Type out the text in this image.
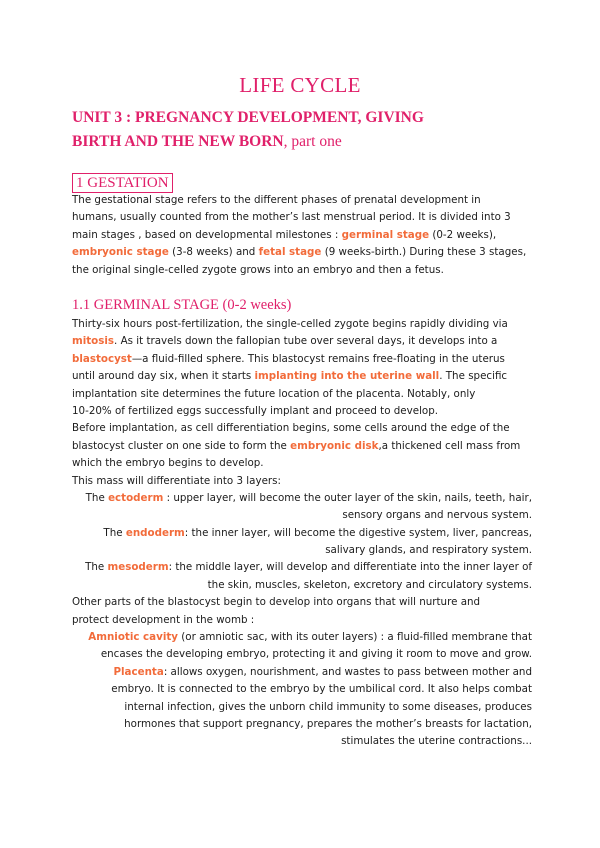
LIFE CYCLE
UNIT 3 : PREGNANCY DEVELOPMENT, GIVING
BIRTH AND THE NEW BORN, part one
1 GESTATION
The gestational stage refers to the different phases of prenatal development in
humans, usually counted from the mother’s last menstrual period. It is divided into 3
main stages , based on developmental milestones : germinal stage (0-2 weeks),
embryonic stage (3-8 weeks) and fetal stage (9 weeks-birth.) During these 3 stages,
the original single-celled zygote grows into an embryo and then a fetus.
1.1 GERMINAL STAGE (0-2 weeks)
Thirty-six hours post-fertilization, the single-celled zygote begins rapidly dividing via
mitosis. As it travels down the fallopian tube over several days, it develops into a
blastocyst—a fluid-filled sphere. This blastocyst remains free-floating in the uterus
until around day six, when it starts implanting into the uterine wall. The specific
implantation site determines the future location of the placenta. Notably, only
10-20% of fertilized eggs successfully implant and proceed to develop.
Before implantation, as cell differentiation begins, some cells around the edge of the
blastocyst cluster on one side to form the embryonic disk,a thickened cell mass from
which the embryo begins to develop.
This mass will differentiate into 3 layers:
The ectoderm : upper layer, will become the outer layer of the skin, nails, teeth, hair,
sensory organs and nervous system.
The endoderm: the inner layer, will become the digestive system, liver, pancreas,
salivary glands, and respiratory system.
The mesoderm: the middle layer, will develop and differentiate into the inner layer of
the skin, muscles, skeleton, excretory and circulatory systems.
Other parts of the blastocyst begin to develop into organs that will nurture and
protect development in the womb :
Amniotic cavity (or amniotic sac, with its outer layers) : a fluid-filled membrane that
encases the developing embryo, protecting it and giving it room to move and grow.
Placenta: allows oxygen, nourishment, and wastes to pass between mother and
embryo. It is connected to the embryo by the umbilical cord. It also helps combat
internal infection, gives the unborn child immunity to some diseases, produces
hormones that support pregnancy, prepares the mother’s breasts for lactation,
stimulates the uterine contractions...
